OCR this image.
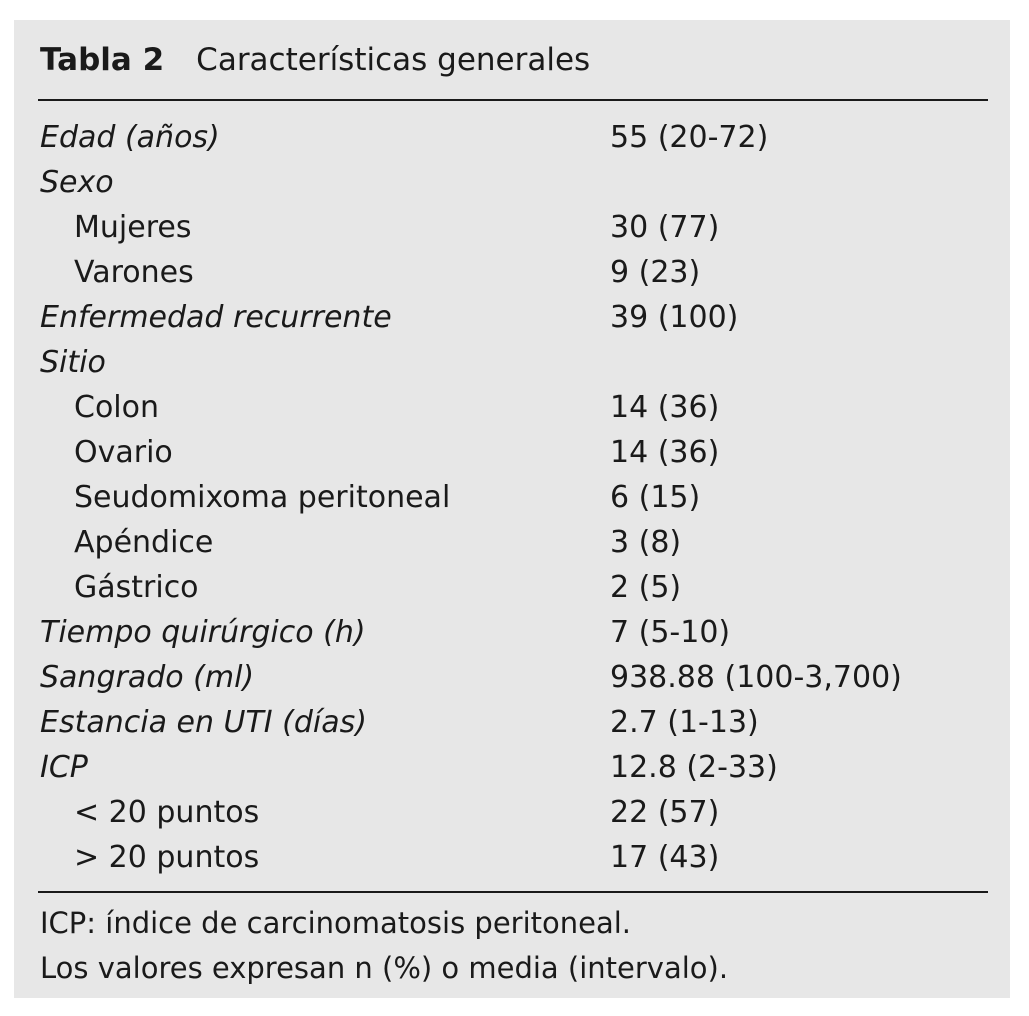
Tabla 2 Características generales
Edad (años)	55 (20-72)
Sexo
Mujeres	30 (77)
Varones	9 (23)
Enfermedad recurrente	39 (100)
Sitio
Colon	14 (36)
Ovario	14 (36)
Seudomixoma peritoneal	6 (15)
Apéndice	3 (8)
Gástrico	2 (5)
Tiempo quirúrgico (h)	7 (5-10)
Sangrado (ml)	938.88 (100-3,700)
Estancia en UTI (días)	2.7 (1-13)
ICP	12.8 (2-33)
< 20 puntos	22 (57)
> 20 puntos	17 (43)
ICP: índice de carcinomatosis peritoneal.
Los valores expresan n (%) o media (intervalo).
